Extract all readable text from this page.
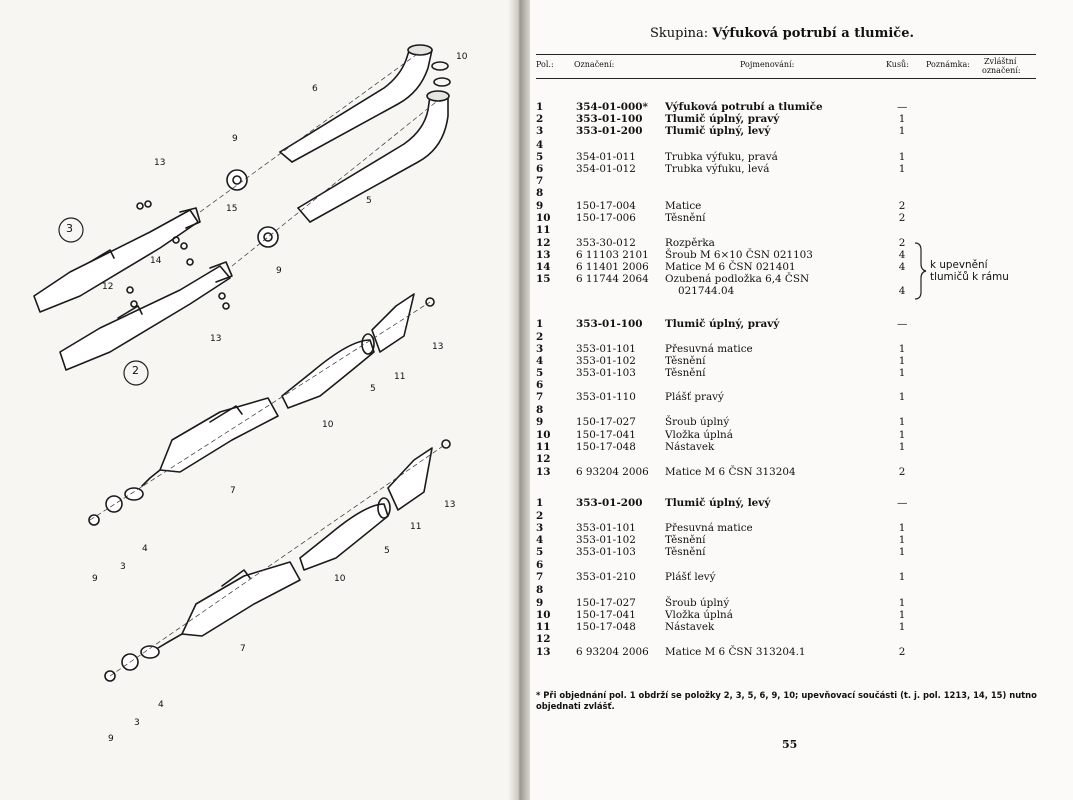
13
3
12
14
15
9
6
10
5
9
2
13
13
11
5
10
7
9
3
4
13
11
5
10
7
9
3
4
Skupina: Výfuková potrubí a tlumiče.
Pol.:	Označení:	Pojmenování:	Kusů: Poznámka: Zvláštní
označení:
1	354-01-000*	Výfuková potrubí a tlumiče	—
2	353-01-100	Tlumič úplný, pravý	1
3	353-01-200	Tlumič úplný, levý	1
4
5	354-01-011	Trubka výfuku, pravá	1
6	354-01-012	Trubka výfuku, levá	1
7
8
9	150-17-004	Matice	2
10 150-17-006	Těsnění	2
11
12 353-30-012	Rozpěrka	2
13 6 11103 2101	Šroub M 6×10 ČSN 021103	4
14 6 11401 2006	Matice M 6 ČSN 021401	4
15 6 11744 2064	Ozubená podložka 6,4 ČSN
021744.04	4
k upevnění
tlumičů k rámu
1	353-01-100	Tlumič úplný, pravý	—
2
3	353-01-101	Přesuvná matice	1
4	353-01-102	Těsnění	1
5	353-01-103	Těsnění	1
6
7	353-01-110	Plášť pravý	1
8
9	150-17-027	Šroub úplný	1
10 150-17-041	Vložka úplná	1
11 150-17-048	Nástavek	1
12
13 6 93204 2006	Matice M 6 ČSN 313204	2
1	353-01-200	Tlumič úplný, levý	—
2
3	353-01-101	Přesuvná matice	1
4	353-01-102	Těsnění	1
5	353-01-103	Těsnění	1
6
7	353-01-210	Plášť levý	1
8
9	150-17-027	Šroub úplný	1
10 150-17-041	Vložka úplná	1
11 150-17-048	Nástavek	1
12
13 6 93204 2006	Matice M 6 ČSN 313204.1	2
* Při objednání pol. 1 obdrží se položky 2, 3, 5, 6, 9, 10; upevňovací součásti (t. j. pol. 1213, 14, 15) nutno objednati zvlášť.
55
